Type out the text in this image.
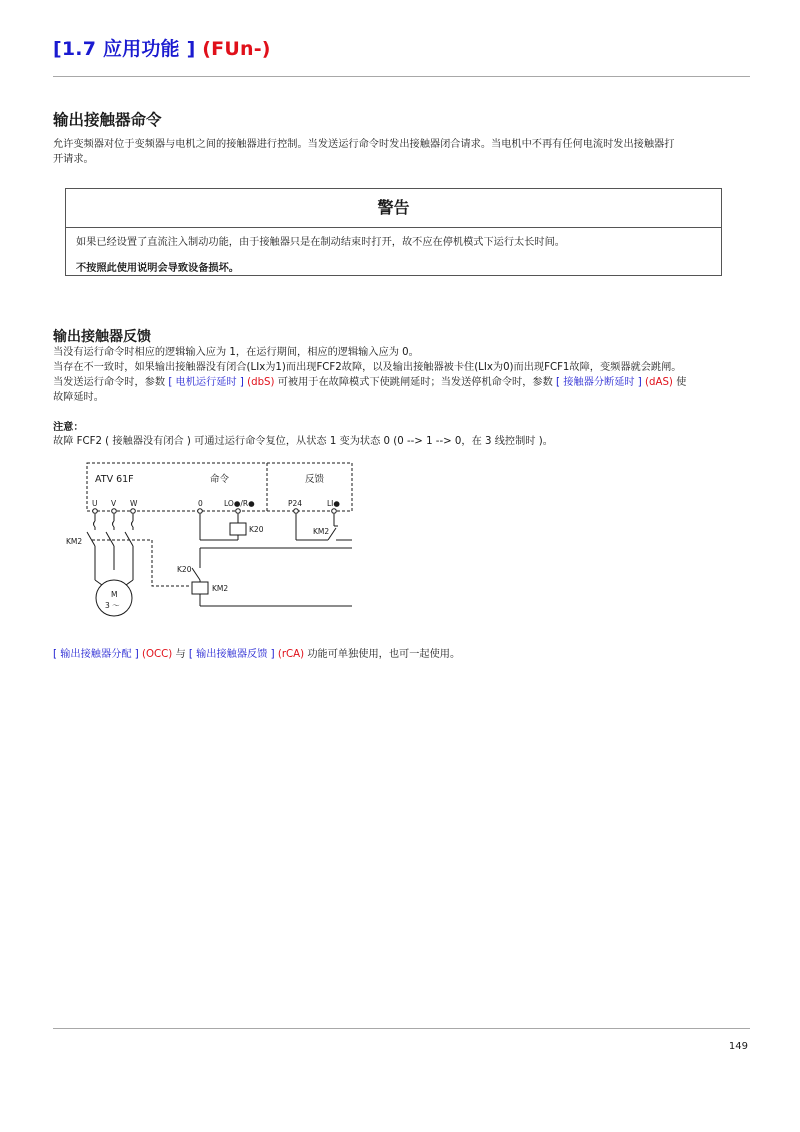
[1.7 应用功能 ] (FUn-)
输出接触器命令
允许变频器对位于变频器与电机之间的接触器进行控制。当发送运行命令时发出接触器闭合请求。当电机中不再有任何电流时发出接触器打
开请求。
警告
如果已经设置了直流注入制动功能，由于接触器只是在制动结束时打开，故不应在停机模式下运行太长时间。
不按照此使用说明会导致设备损坏。
输出接触器反馈
当没有运行命令时相应的逻辑输入应为 1，在运行期间，相应的逻辑输入应为 0。
当存在不一致时，如果输出接触器没有闭合(LIx为1)而出现FCF2故障，以及输出接触器被卡住(LIx为0)而出现FCF1故障，变频器就会跳闸。
当发送运行命令时，参数 [ 电机运行延时 ] (dbS) 可被用于在故障模式下使跳闸延时；当发送停机命令时，参数 [ 接触器分断延时 ] (dAS) 使
故障延时。
注意：
故障 FCF2 ( 接触器没有闭合 ) 可通过运行命令复位，从状态 1 变为状态 0 (0 --> 1 --> 0，在 3 线控制时 )。
ATV 61F	命令	反馈
U V W	0	LO●/R●	P24	LI●
K20	KM2
KM2
K20
KM2
M
3 ～
[ 输出接触器分配 ] (OCC) 与 [ 输出接触器反馈 ] (rCA) 功能可单独使用，也可一起使用。
149
